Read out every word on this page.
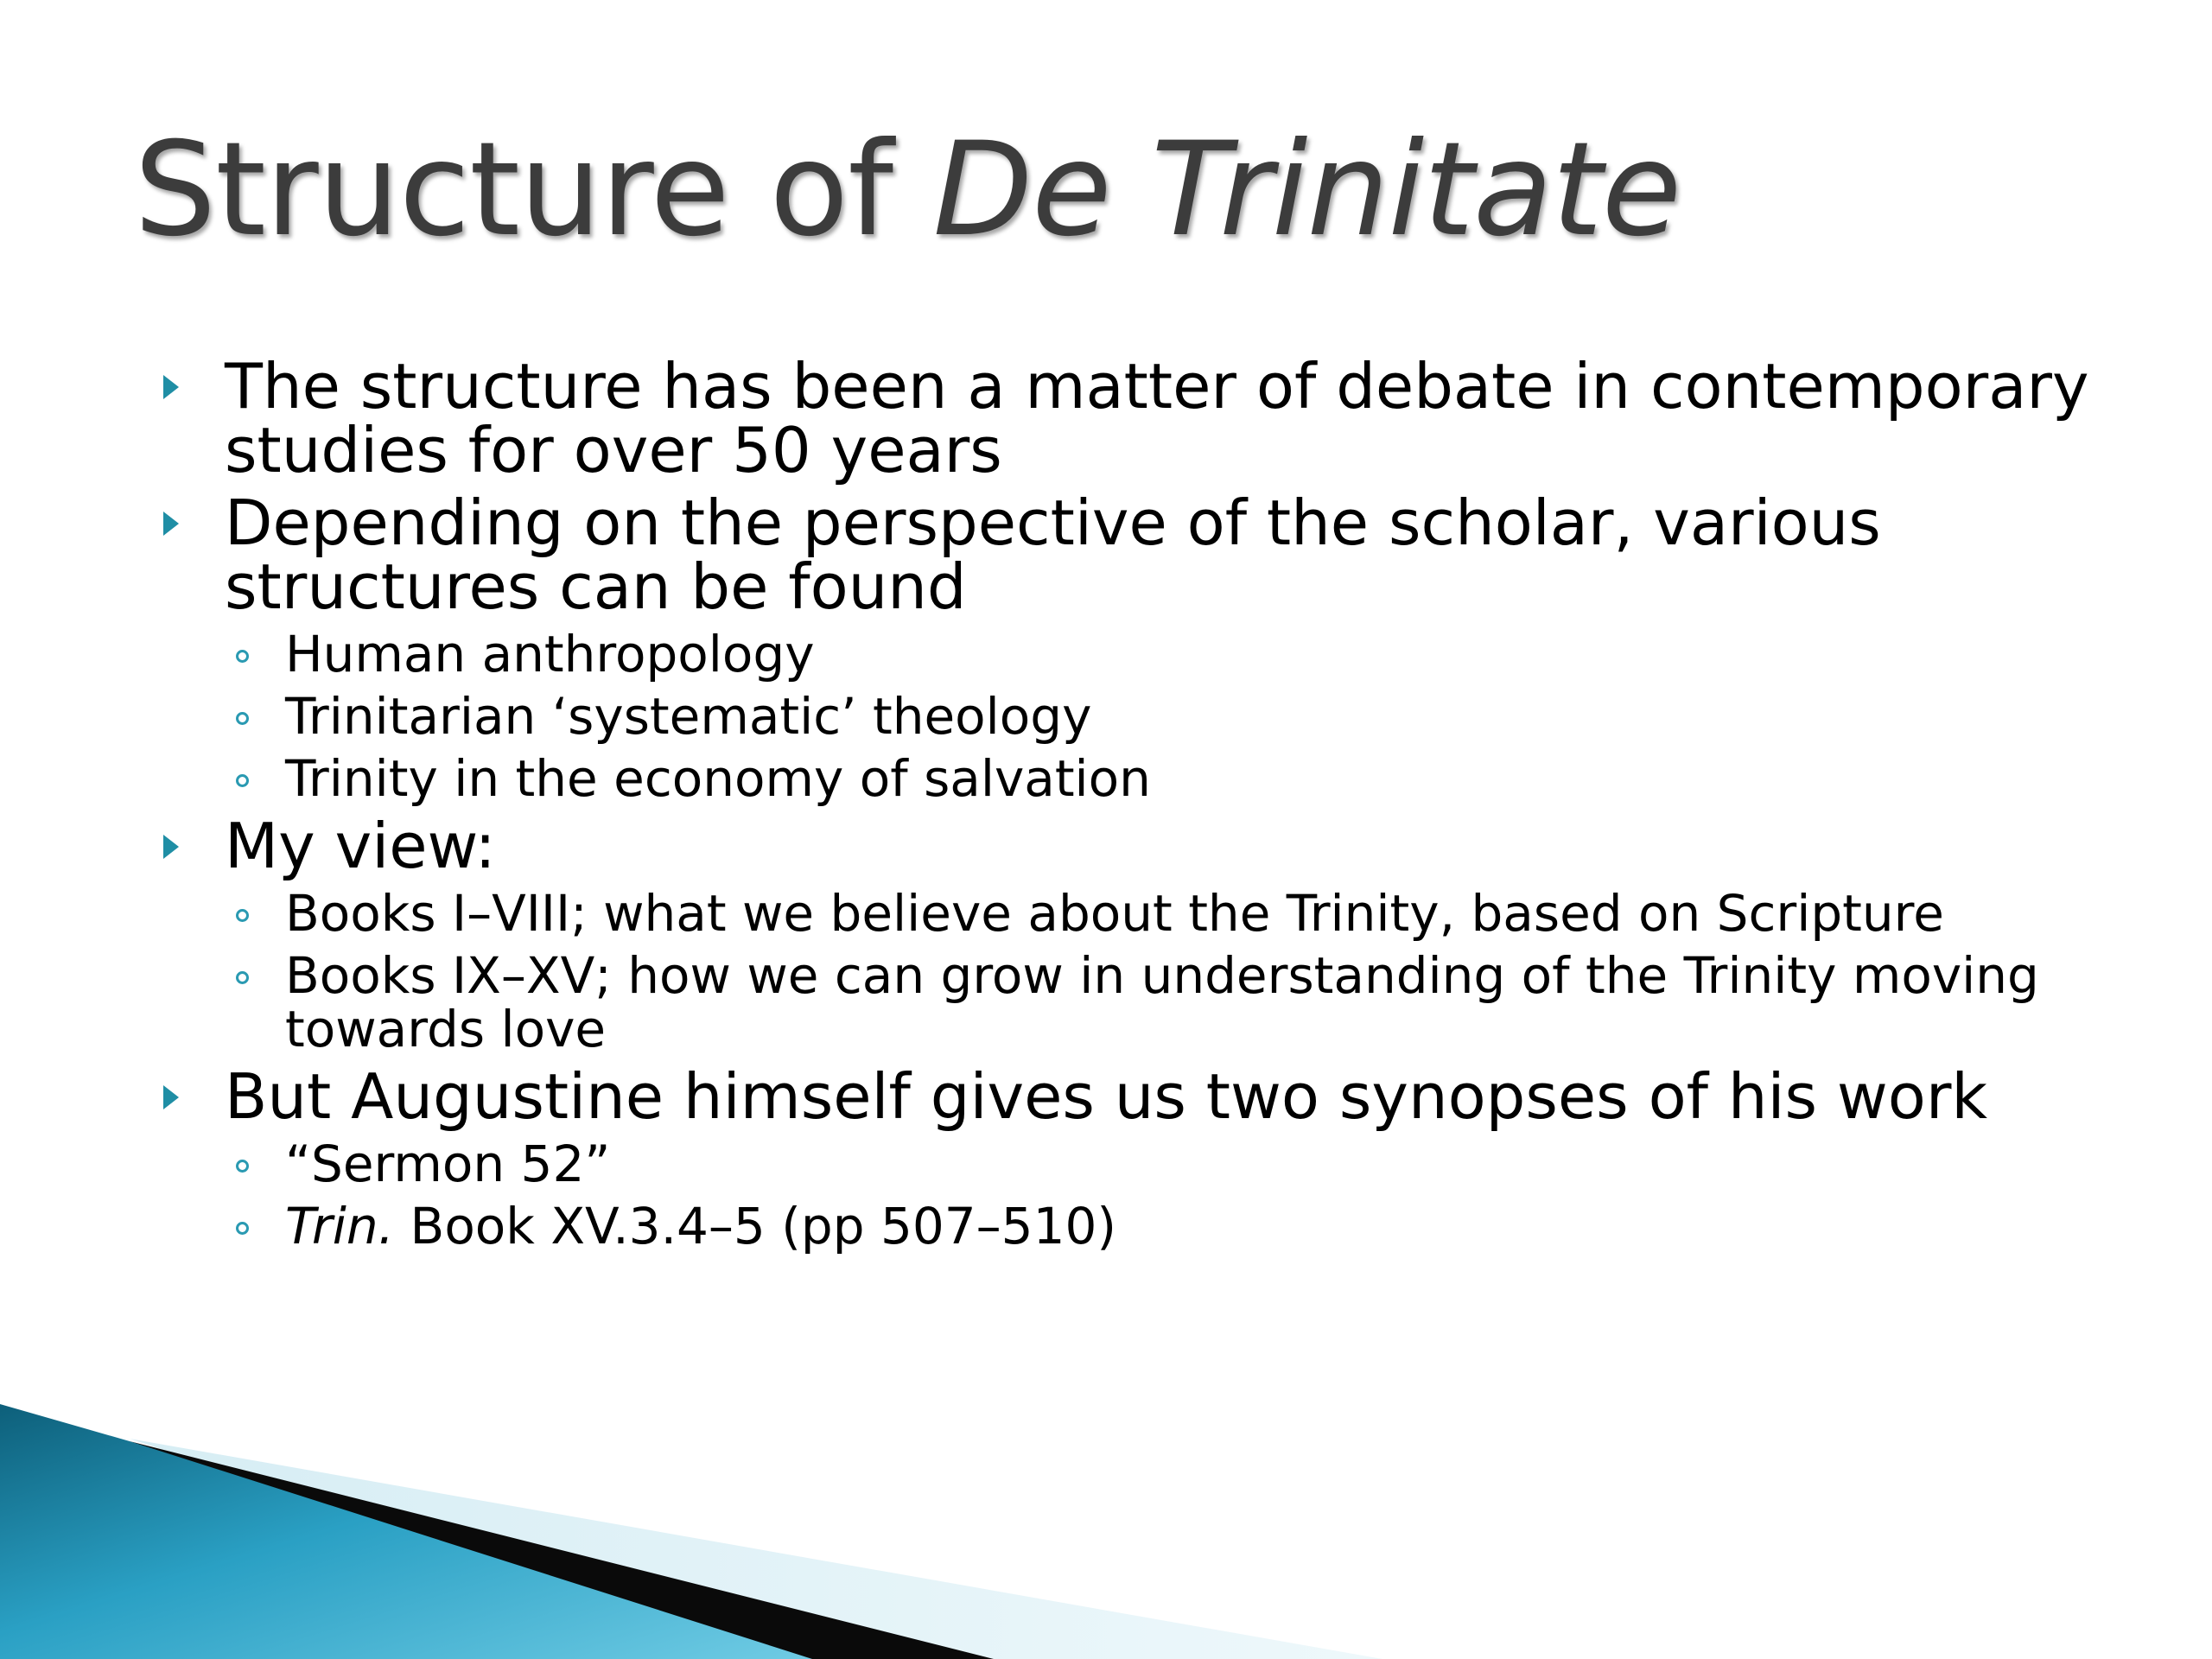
Structure of De Trinitate
The structure has been a matter of debate in contemporary studies for over 50 years
Depending on the perspective of the scholar, various structures can be found
Human anthropology
Trinitarian ‘systematic’ theology
Trinity in the economy of salvation
My view:
Books I–VIII; what we believe about the Trinity, based on Scripture
Books IX–XV; how we can grow in understanding of the Trinity moving towards love
But Augustine himself gives us two synopses of his work
“Sermon 52”
Trin. Book XV.3.4–5 (pp 507–510)
